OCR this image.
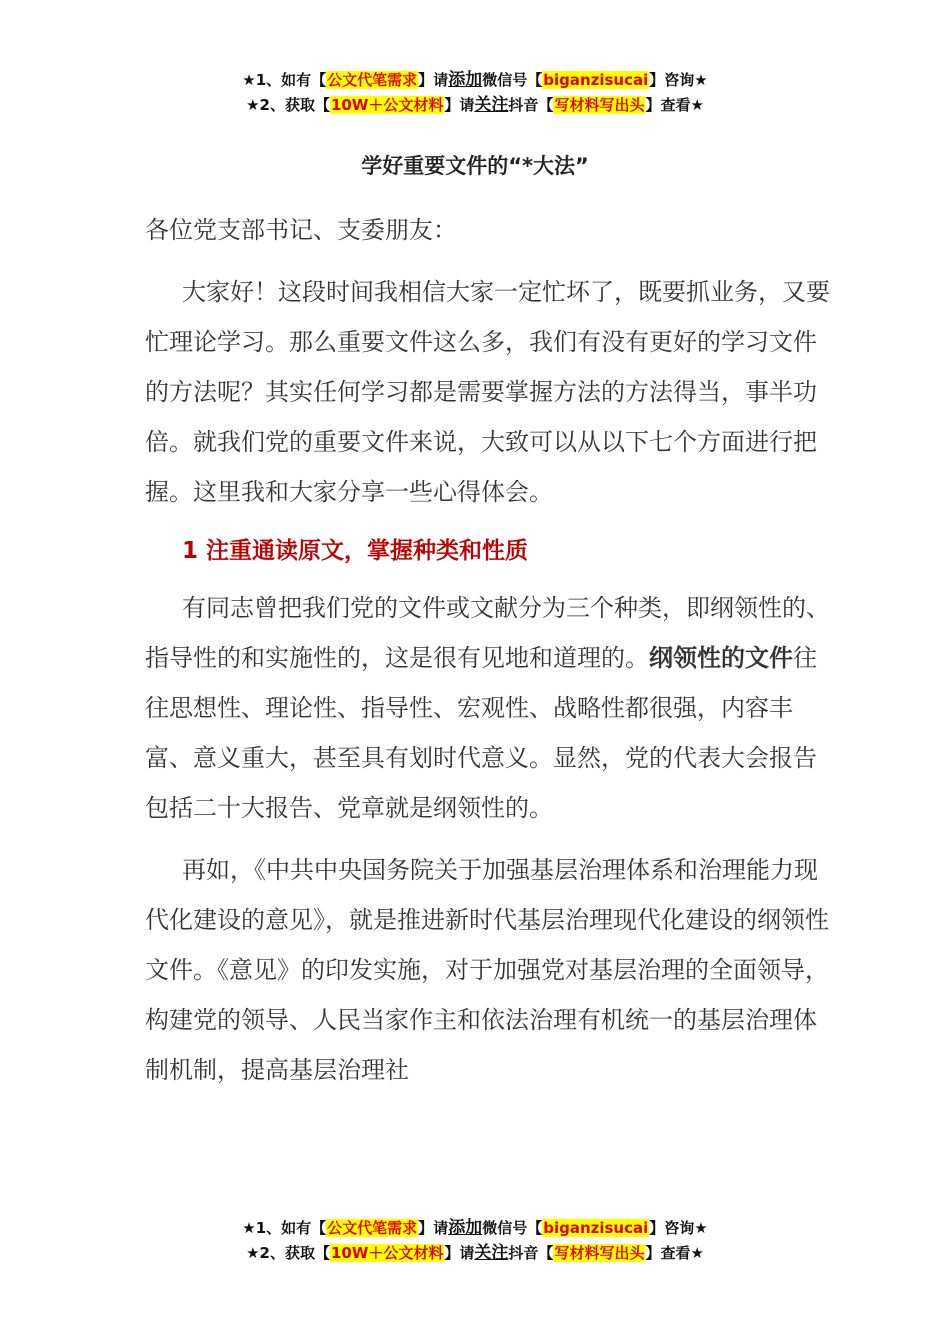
★1、如有【公文代笔需求】请添加微信号【biganzisucai】咨询★
★2、获取【10W＋公文材料】请关注抖音【写材料写出头】查看★
学好重要文件的“*大法”

各位党支部书记、支委朋友：

大家好！这段时间我相信大家一定忙坏了，既要抓业务，又要忙理论学习。那么重要文件这么多，我们有没有更好的学习文件的方法呢？其实任何学习都是需要掌握方法的方法得当，事半功倍。就我们党的重要文件来说，大致可以从以下七个方面进行把握。这里我和大家分享一些心得体会。

1 注重通读原文，掌握种类和性质

有同志曾把我们党的文件或文献分为三个种类，即纲领性的、指导性的和实施性的，这是很有见地和道理的。纲领性的文件往往思想性、理论性、指导性、宏观性、战略性都很强，内容丰富、意义重大，甚至具有划时代意义。显然，党的代表大会报告包括二十大报告、党章就是纲领性的。

再如，《中共中央国务院关于加强基层治理体系和治理能力现代化建设的意见》，就是推进新时代基层治理现代化建设的纲领性文件。《意见》的印发实施，对于加强党对基层治理的全面领导，构建党的领导、人民当家作主和依法治理有机统一的基层治理体制机制，提高基层治理社

★1、如有【公文代笔需求】请添加微信号【biganzisucai】咨询★
★2、获取【10W＋公文材料】请关注抖音【写材料写出头】查看★
